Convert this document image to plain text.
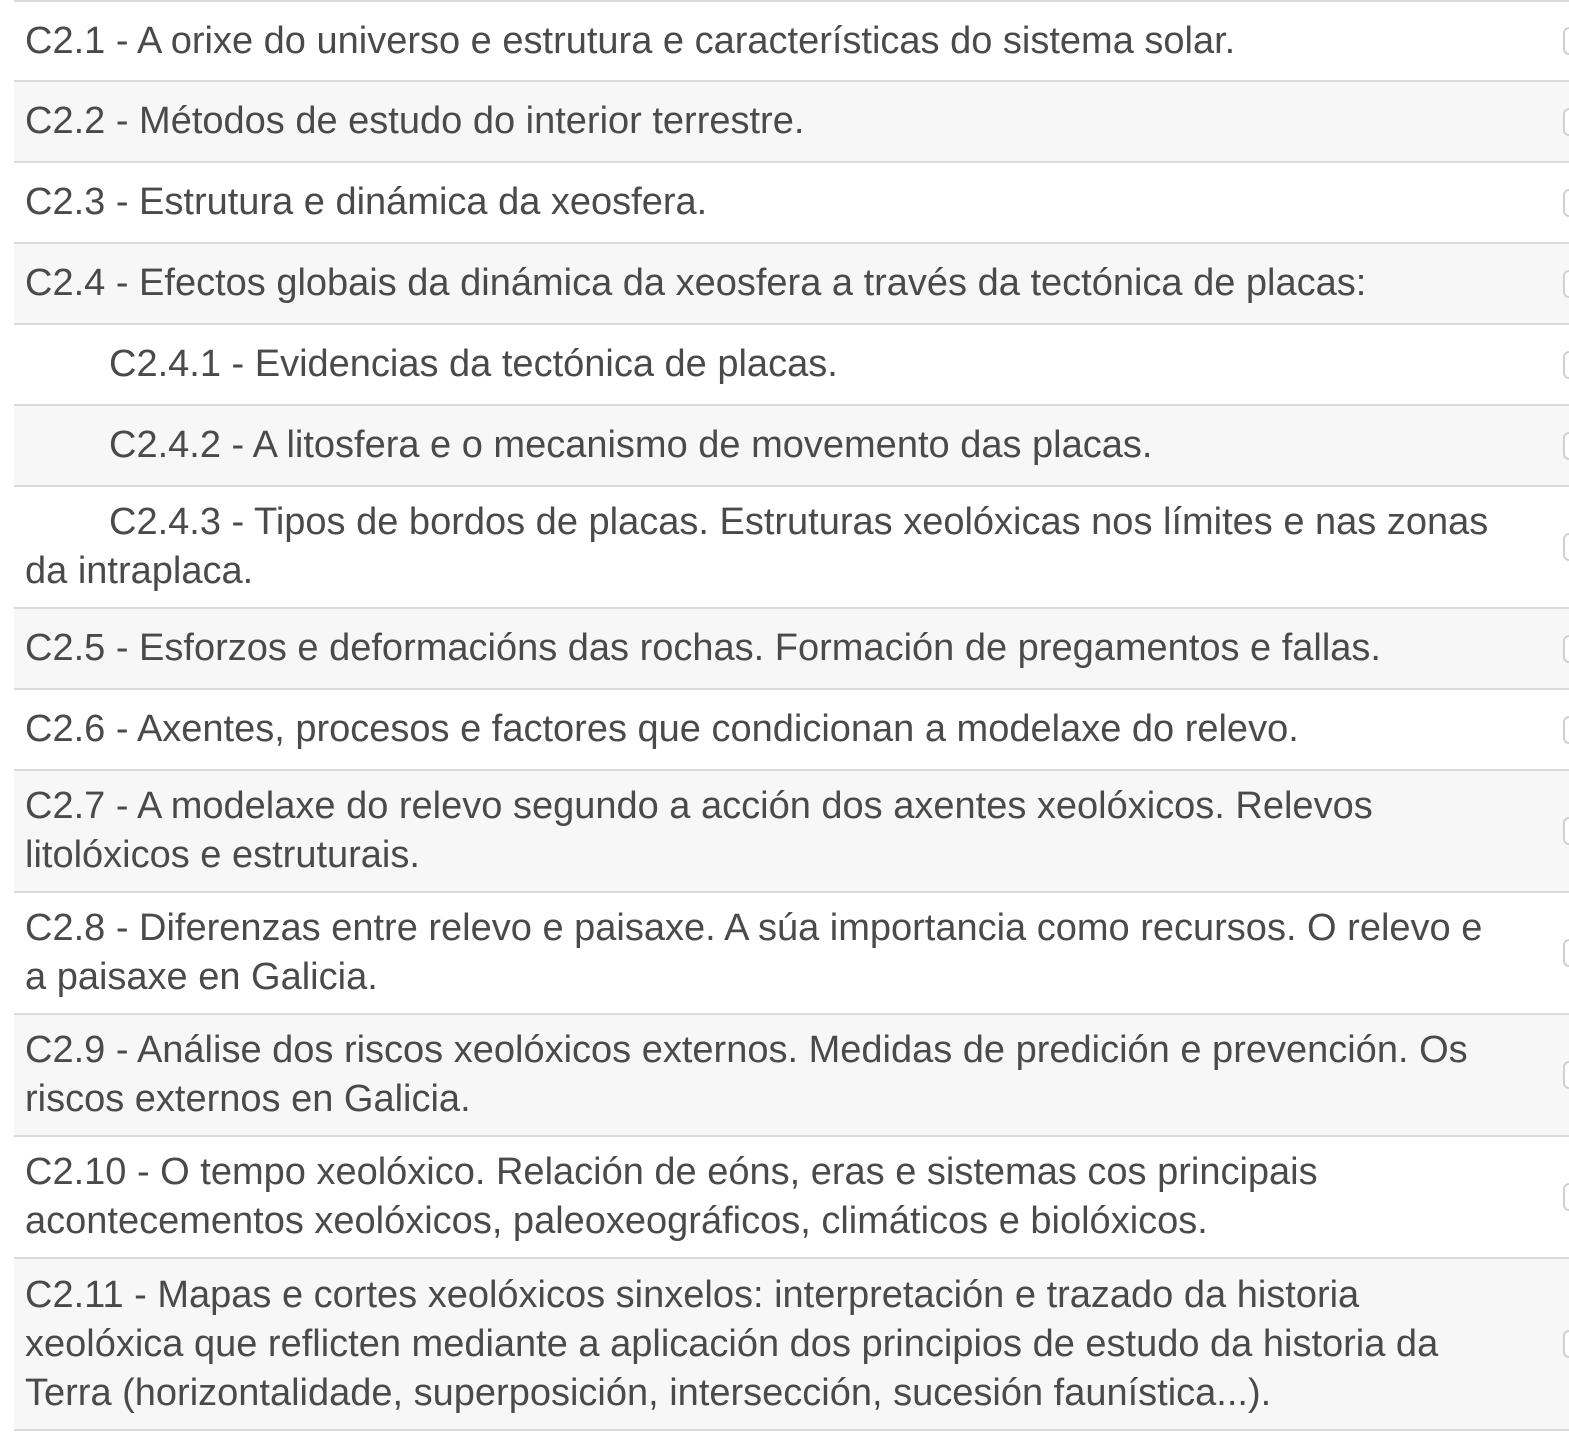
C2.1 - A orixe do universo e estrutura e características do sistema solar.
C2.2 - Métodos de estudo do interior terrestre.
C2.3 - Estrutura e dinámica da xeosfera.
C2.4 - Efectos globais da dinámica da xeosfera a través da tectónica de placas:
C2.4.1 - Evidencias da tectónica de placas.
C2.4.2 - A litosfera e o mecanismo de movemento das placas.
C2.4.3 - Tipos de bordos de placas. Estruturas xeolóxicas nos límites e nas zonas da intraplaca.
C2.5 - Esforzos e deformacións das rochas. Formación de pregamentos e fallas.
C2.6 - Axentes, procesos e factores que condicionan a modelaxe do relevo.
C2.7 - A modelaxe do relevo segundo a acción dos axentes xeolóxicos. Relevos litolóxicos e estruturais.
C2.8 - Diferenzas entre relevo e paisaxe. A súa importancia como recursos. O relevo e a paisaxe en Galicia.
C2.9 - Análise dos riscos xeolóxicos externos. Medidas de predición e prevención. Os riscos externos en Galicia.
C2.10 - O tempo xeolóxico. Relación de eóns, eras e sistemas cos principais acontecementos xeolóxicos, paleoxeográficos, climáticos e biolóxicos.
C2.11 - Mapas e cortes xeolóxicos sinxelos: interpretación e trazado da historia xeolóxica que reflicten mediante a aplicación dos principios de estudo da historia da Terra (horizontalidade, superposición, intersección, sucesión faunística...).
